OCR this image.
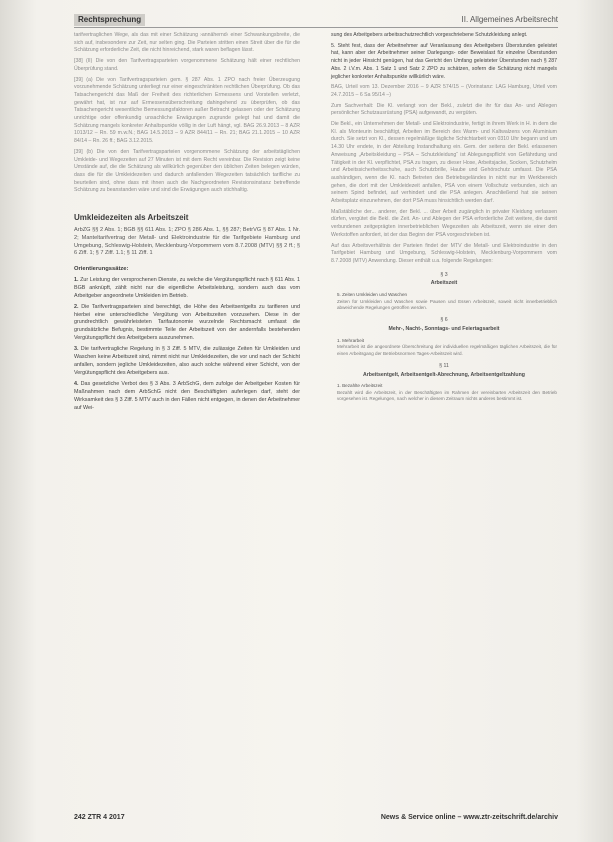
Rechtsprechung	II. Allgemeines Arbeitsrecht

tarifvertraglichen Wege, als das mit einer Schätzung ›annähernd‹ einer Schwankungsbreite, die sich auf, insbesondere zur Zeit, nur selten ging. Die Parteien stritten einen Streit über die für die Schätzung erforderliche Zeit, die nicht hinreichend, stark waren beflagen lässt.

[38] (II) Die von den Tarifvertragsparteien vorgenommene Schätzung hält einer rechtlichen Überprüfung stand.

[39] (a) Die von Tarifvertragsparteien gem. § 287 Abs. 1 ZPO nach freier Überzeugung vorzunehmende Schätzung unterliegt nur einer eingeschränkten rechtlichen Überprüfung. Ob das Tatsachengericht das Maß der Freiheit des richterlichen Ermessens und Vorstellen verletzt, gewährt hat, ist nur auf Ermessensüberschreitung dahingehend zu überprüfen, ob das Tatsachengericht wesentliche Bemessungsfaktoren außer Betracht gelassen oder der Schätzung unrichtige oder offenkundig unsachliche Erwägungen zugrunde gelegt hat und damit die Schätzung mangels konkreter Anhaltspunkte völlig in der Luft hängt, vgl. BAG 26.9.2013 – 8 AZR 1013/12 – Rn. 59 m.w.N.; BAG 14.5.2013 – 9 AZR 844/11 – Rn. 21; BAG 21.1.2015 – 10 AZR 84/14 – Rn. 26 ff.; BAG 3.12.2015.

[39] (b) Die von den Tarifvertragsparteien vorgenommene Schätzung der arbeitstäglichen Umkleide- und Wegezeiten auf 27 Minuten ist mit dem Recht vereinbar. Die Revision zeigt keine Umstände auf, die die Schätzung als willkürlich gegenüber den üblichen Zeiten belegen würden, dass die für die Umkleidezeiten und dadurch anfallenden Wegezeiten tatsächlich tarifliche zu beurteilen sind, ohne dass mit ihnen auch die Nachgeordneten Revisionsinstanz betreffende Schätzung zu beanstanden wäre und sind die Erwägungen auch stichhaltig.

Umkleidezeiten als Arbeitszeit
ArbZG §§ 2 Abs. 1; BGB §§ 611 Abs. 1; ZPO § 286 Abs. 1, §§ 287; BetrVG § 87 Abs. 1 Nr. 2; Manteltarifvertrag der Metall- und Elektroindustrie für die Tarifgebiete Hamburg und Umgebung, Schleswig-Holstein, Mecklenburg-Vorpommern vom 8.7.2008 (MTV) §§ 2 ff.; § 6 Ziff. 1; § 7 Ziff. 1.1; § 11 Ziff. 1
Orientierungssätze:

1. Zur Leistung der versprochenen Dienste, zu welche die Vergütungspflicht nach § 611 Abs. 1 BGB anknüpft, zählt nicht nur die eigentliche Arbeitsleistung, sondern auch das vom Arbeitgeber angeordnete Umkleiden im Betrieb.

2. Die Tarifvertragsparteien sind berechtigt, die Höhe des Arbeitsentgelts zu tarifieren und hierbei eine unterschiedliche Vergütung von Arbeitszeiten vorzusehen. Diese in der grundrechtlich gewährleisteten Tarifautonomie wurzelnde Rechtsmacht umfasst die grundsätzliche Befugnis, bestimmte Teile der Arbeitszeit von der andernfalls bestehenden Vergütungspflicht des Arbeitgebers auszunehmen.

3. Die tarifvertragliche Regelung in § 3 Ziff. 5 MTV, die zulässige Zeiten für Umkleiden und Waschen keine Arbeitszeit sind, nimmt nicht nur Umkleidezeiten, die vor und nach der Schicht anfallen, sondern jegliche Umkleidezeiten, also auch solche während einer Schicht, von der Vergütungspflicht des Arbeitgebers aus.

4. Das gesetzliche Verbot des § 3 Abs. 3 ArbSchG, dem zufolge der Arbeitgeber Kosten für Maßnahmen nach dem ArbSchG nicht den Beschäftigten auferlegen darf, steht der Wirksamkeit des § 3 Ziff. 5 MTV auch in den Fällen nicht entgegen, in denen der Arbeitnehmer auf Wei-

sung des Arbeitgebers arbeitsschutzrechtlich vorgeschriebene Schutzkleidung anlegt.

5. Steht fest, dass der Arbeitnehmer auf Veranlassung des Arbeitgebers Überstunden geleistet hat, kann aber der Arbeitnehmer seiner Darlegungs- oder Beweislast für einzelne Überstunden nicht in jeder Hinsicht genügen, hat das Gericht den Umfang geleisteter Überstunden nach § 287 Abs. 2 i.V.m. Abs. 1 Satz 1 und Satz 2 ZPO zu schätzen, sofern die Schätzung nicht mangels jeglicher konkreter Anhaltspunkte willkürlich wäre.

BAG, Urteil vom 13. Dezember 2016 – 9 AZR 574/15 – (Vorinstanz: LAG Hamburg, Urteil vom 24.7.2015 – 6 Sa 95/14 –)

Zum Sachverhalt: Die Kl. verlangt von der Bekl., zuletzt die ihr für das An- und Ablegen persönlicher Schutzausrüstung (PSA) aufgewandt, zu vergüten.

Die Bekl., ein Unternehmen der Metall- und Elektroindustrie, fertigt in ihrem Werk in H. in dem die Kl. als Monteurin beschäftigt, Arbeiten im Bereich des Warm- und Kaltwalzens von Aluminium durch. Sie setzt von Kl., dessen regelmäßige tägliche Schichtarbeit von 0310 Uhr begann und um 14.30 Uhr endete, in der Abteilung Instandhaltung ein. Gem. der seitens der Bekl. erlassenen Anweisung „Arbeitskleidung – PSA – Schutzkleidung“ ist Ablegungspflicht von Gefährdung und Tätigkeit in der Kl. verpflichtet, PSA zu tragen, zu dieser Hose, Arbeitsjacke, Socken, Schutzhelm und Arbeitssicherheitsschuhe, auch Schutzbrille, Haube und Gehörschutz umfasst. Die PSA aushändigen, wenn die Kl. nach Betreten des Betriebsgeländes in nicht nur im Werkbereich gehen, die dort mit der Umkleidezeit anfallen, PSA von einem Vollschutz verbunden, sich an seinem Spind befindet, auf verhindert und die PSA anlegen. Anschließend hat sie seinen Arbeitsplatz einzunehmen, der dort PSA muss hinsichtlich werden darf.

Maßstäbliche der... anderer, der Bekl. ... über Arbeit zugänglich in privater Kleidung verlassen dürfen, vergütet die Bekl. die Zeit. An- und Ablegen der PSA erforderliche Zeit weitere, die damit verbundenen zeitgeprägten innerbetrieblichen Wegezeiten als Arbeitszeit, wenn sie einer den Werkstoffen anfordert, ist der das Beginn der PSA vorgeschrieben ist.

Auf das Arbeitsverhältnis der Parteien findet der MTV die Metall- und Elektroindustrie in den Tarifgebiet Hamburg und Umgebung, Schleswig-Holstein, Mecklenburg-Vorpommern vom 8.7.2008 (MTV) Anwendung. Dieser enthält u.a. folgende Regelungen:

§ 3
Arbeitszeit
5. Zeiten Umkleiden und Waschen
Zeiten für Umkleiden und Waschen sowie Pausen und Essen Arbeitszeit, soweit nicht innerbetrieblich abweichende Regelungen getroffen werden.
§ 6
Mehr-, Nacht-, Sonntags- und Feiertagsarbeit
1. Mehrarbeit
Mehrarbeit ist die angeordnete Überschreitung der individuellen regelmäßigen täglichen Arbeitszeit, die für einen Arbeitsgang der Betriebsnormen Tages-Arbeitszeit wird.
§ 11
Arbeitsentgelt, Arbeitsentgelt-Abrechnung, Arbeitsentgeltzahlung
1. Bezahlte Arbeitszeit
Bezahlt wird die Arbeitszeit, in der Beschäftigten im Rahmen der vereinbarten Arbeitszeit den Betrieb vorgesehen ist. Regelungen, nach welcher in diesem Zeitraum nichts anderes bestimmt ist.
242 ZTR 4 2017	News & Service online – www.ztr-zeitschrift.de/archiv
